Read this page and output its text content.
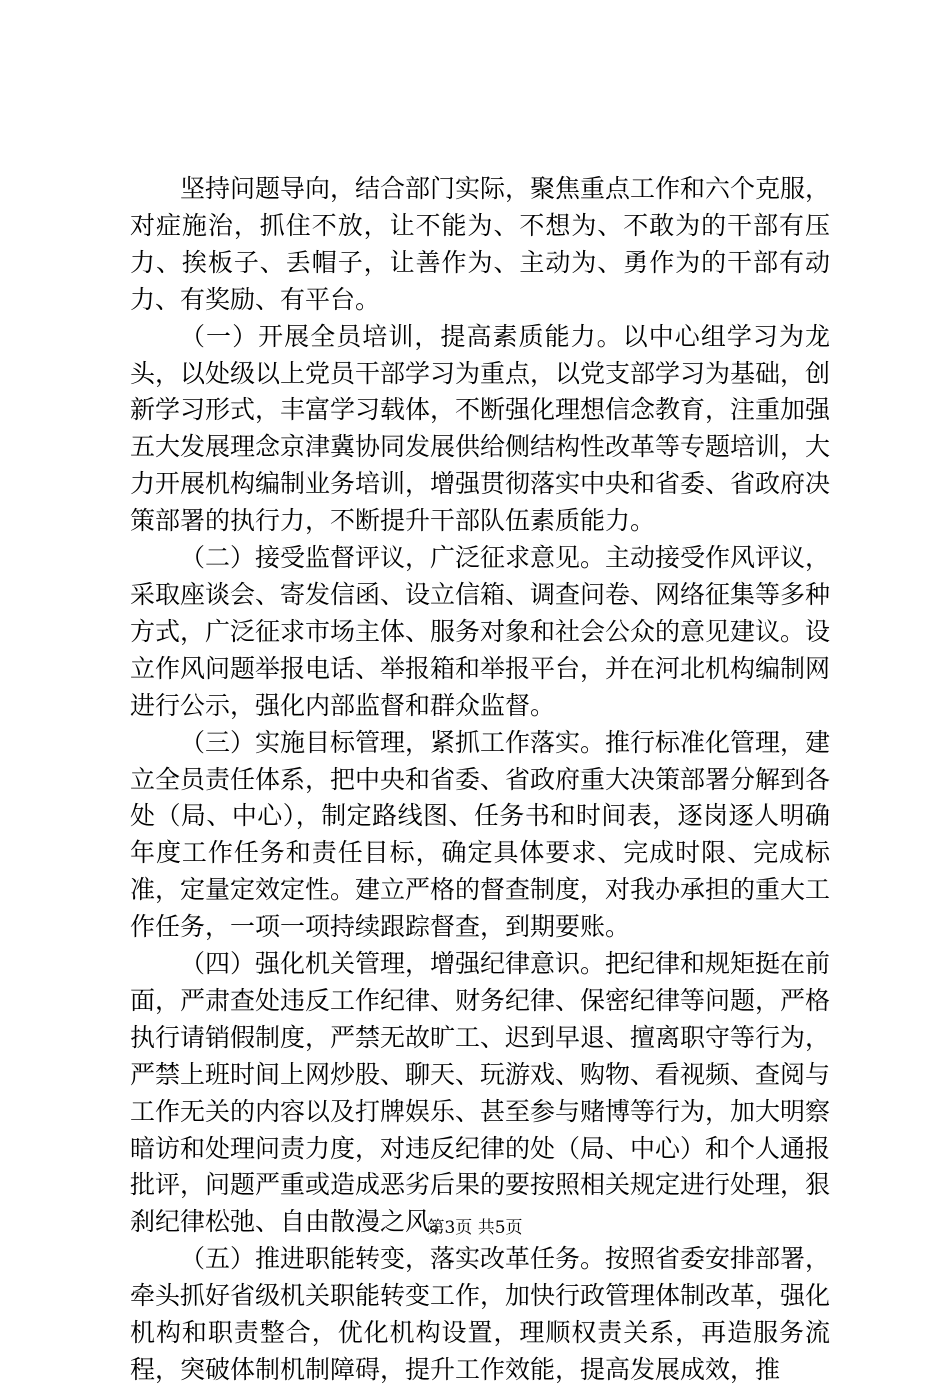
坚持问题导向，结合部门实际，聚焦重点工作和六个克服，对症施治，抓住不放，让不能为、不想为、不敢为的干部有压力、挨板子、丢帽子，让善作为、主动为、勇作为的干部有动力、有奖励、有平台。

（一）开展全员培训，提高素质能力。以中心组学习为龙头，以处级以上党员干部学习为重点，以党支部学习为基础，创新学习形式，丰富学习载体，不断强化理想信念教育，注重加强五大发展理念京津冀协同发展供给侧结构性改革等专题培训，大力开展机构编制业务培训，增强贯彻落实中央和省委、省政府决策部署的执行力，不断提升干部队伍素质能力。

（二）接受监督评议，广泛征求意见。主动接受作风评议，采取座谈会、寄发信函、设立信箱、调查问卷、网络征集等多种方式，广泛征求市场主体、服务对象和社会公众的意见建议。设立作风问题举报电话、举报箱和举报平台，并在河北机构编制网进行公示，强化内部监督和群众监督。

（三）实施目标管理，紧抓工作落实。推行标准化管理，建立全员责任体系，把中央和省委、省政府重大决策部署分解到各处（局、中心），制定路线图、任务书和时间表，逐岗逐人明确年度工作任务和责任目标，确定具体要求、完成时限、完成标准，定量定效定性。建立严格的督查制度，对我办承担的重大工作任务，一项一项持续跟踪督查，到期要账。

（四）强化机关管理，增强纪律意识。把纪律和规矩挺在前面，严肃查处违反工作纪律、财务纪律、保密纪律等问题，严格执行请销假制度，严禁无故旷工、迟到早退、擅离职守等行为，严禁上班时间上网炒股、聊天、玩游戏、购物、看视频、查阅与工作无关的内容以及打牌娱乐、甚至参与赌博等行为，加大明察暗访和处理问责力度，对违反纪律的处（局、中心）和个人通报批评，问题严重或造成恶劣后果的要按照相关规定进行处理，狠刹纪律松弛、自由散漫之风。

（五）推进职能转变，落实改革任务。按照省委安排部署，牵头抓好省级机关职能转变工作，加快行政管理体制改革，强化机构和职责整合，优化机构设置，理顺权责关系，再造服务流程，突破体制机制障碍，提升工作效能，提高发展成效，推

第3页 共5页
